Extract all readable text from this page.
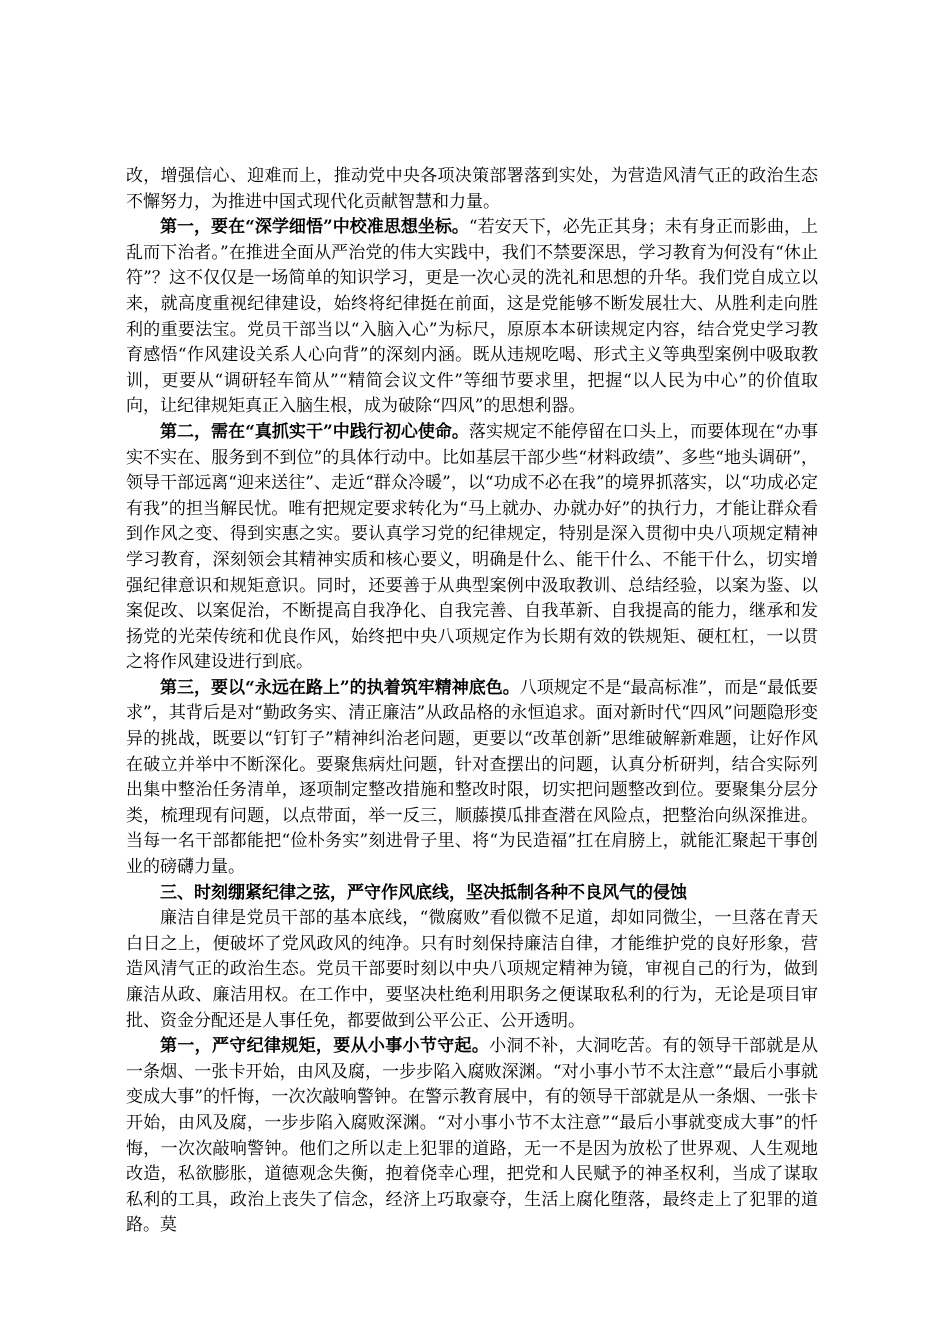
改，增强信心、迎难而上，推动党中央各项决策部署落到实处，为营造风清气正的政治生态不懈努力，为推进中国式现代化贡献智慧和力量。

第一，要在“深学细悟”中校准思想坐标。“若安天下，必先正其身；未有身正而影曲，上乱而下治者。”在推进全面从严治党的伟大实践中，我们不禁要深思，学习教育为何没有“休止符”？这不仅仅是一场简单的知识学习，更是一次心灵的洗礼和思想的升华。我们党自成立以来，就高度重视纪律建设，始终将纪律挺在前面，这是党能够不断发展壮大、从胜利走向胜利的重要法宝。党员干部当以“入脑入心”为标尺，原原本本研读规定内容，结合党史学习教育感悟“作风建设关系人心向背”的深刻内涵。既从违规吃喝、形式主义等典型案例中吸取教训，更要从“调研轻车简从”“精简会议文件”等细节要求里，把握“以人民为中心”的价值取向，让纪律规矩真正入脑生根，成为破除“四风”的思想利器。

第二，需在“真抓实干”中践行初心使命。落实规定不能停留在口头上，而要体现在“办事实不实在、服务到不到位”的具体行动中。比如基层干部少些“材料政绩”、多些“地头调研”，领导干部远离“迎来送往”、走近“群众冷暖”，以“功成不必在我”的境界抓落实，以“功成必定有我”的担当解民忧。唯有把规定要求转化为“马上就办、办就办好”的执行力，才能让群众看到作风之变、得到实惠之实。要认真学习党的纪律规定，特别是深入贯彻中央八项规定精神学习教育，深刻领会其精神实质和核心要义，明确是什么、能干什么、不能干什么，切实增强纪律意识和规矩意识。同时，还要善于从典型案例中汲取教训、总结经验，以案为鉴、以案促改、以案促治，不断提高自我净化、自我完善、自我革新、自我提高的能力，继承和发扬党的光荣传统和优良作风，始终把中央八项规定作为长期有效的铁规矩、硬杠杠，一以贯之将作风建设进行到底。

第三，要以“永远在路上”的执着筑牢精神底色。八项规定不是“最高标准”，而是“最低要求”，其背后是对“勤政务实、清正廉洁”从政品格的永恒追求。面对新时代“四风”问题隐形变异的挑战，既要以“钉钉子”精神纠治老问题，更要以“改革创新”思维破解新难题，让好作风在破立并举中不断深化。要聚焦病灶问题，针对查摆出的问题，认真分析研判，结合实际列出集中整治任务清单，逐项制定整改措施和整改时限，切实把问题整改到位。要聚集分层分类，梳理现有问题，以点带面，举一反三，顺藤摸瓜排查潜在风险点，把整治向纵深推进。当每一名干部都能把“俭朴务实”刻进骨子里、将“为民造福”扛在肩膀上，就能汇聚起干事创业的磅礴力量。

三、时刻绷紧纪律之弦，严守作风底线，坚决抵制各种不良风气的侵蚀

廉洁自律是党员干部的基本底线，“微腐败”看似微不足道，却如同微尘，一旦落在青天白日之上，便破坏了党风政风的纯净。只有时刻保持廉洁自律，才能维护党的良好形象，营造风清气正的政治生态。党员干部要时刻以中央八项规定精神为镜，审视自己的行为，做到廉洁从政、廉洁用权。在工作中，要坚决杜绝利用职务之便谋取私利的行为，无论是项目审批、资金分配还是人事任免，都要做到公平公正、公开透明。

第一，严守纪律规矩，要从小事小节守起。小洞不补，大洞吃苦。有的领导干部就是从一条烟、一张卡开始，由风及腐，一步步陷入腐败深渊。“对小事小节不太注意”“最后小事就变成大事”的忏悔，一次次敲响警钟。在警示教育展中，有的领导干部就是从一条烟、一张卡开始，由风及腐，一步步陷入腐败深渊。“对小事小节不太注意”“最后小事就变成大事”的忏悔，一次次敲响警钟。他们之所以走上犯罪的道路，无一不是因为放松了世界观、人生观地改造，私欲膨胀，道德观念失衡，抱着侥幸心理，把党和人民赋予的神圣权利，当成了谋取私利的工具，政治上丧失了信念，经济上巧取豪夺，生活上腐化堕落，最终走上了犯罪的道路。莫
